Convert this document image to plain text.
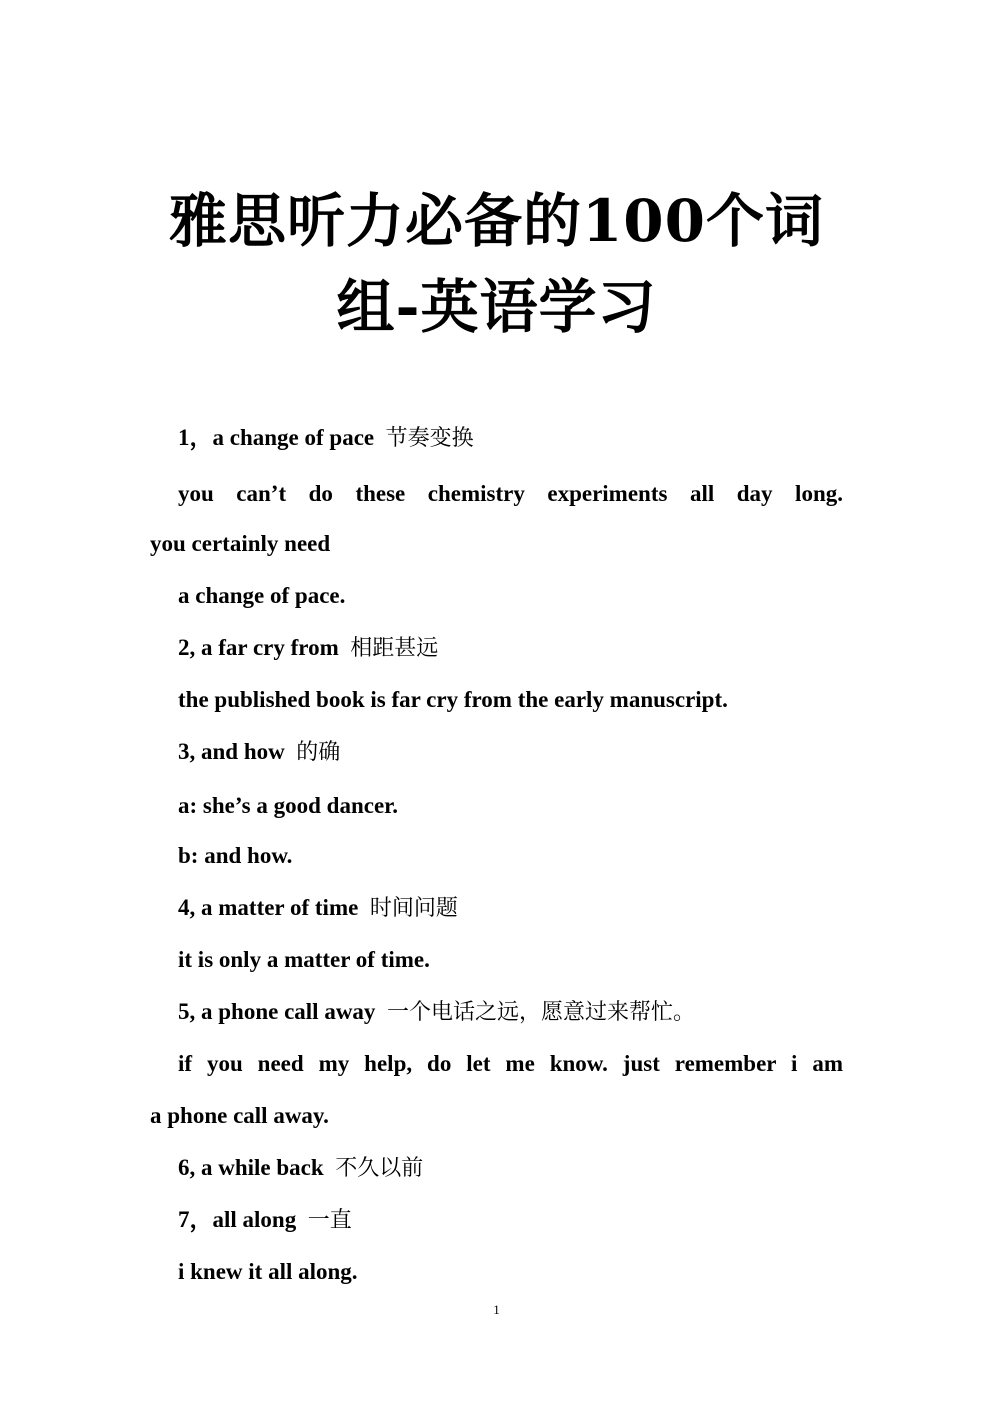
雅思听力必备的100个词
组-英语学习
1，a change of pace 节奏变换
you can’t do these chemistry experiments all day long.
you certainly need
a change of pace.
2, a far cry from 相距甚远
the published book is far cry from the early manuscript.
3, and how 的确
a: she’s a good dancer.
b: and how.
4, a matter of time 时间问题
it is only a matter of time.
5, a phone call away 一个电话之远，愿意过来帮忙。
if you need my help, do let me know. just remember i am
a phone call away.
6, a while back 不久以前
7，all along 一直
i knew it all along.
1
